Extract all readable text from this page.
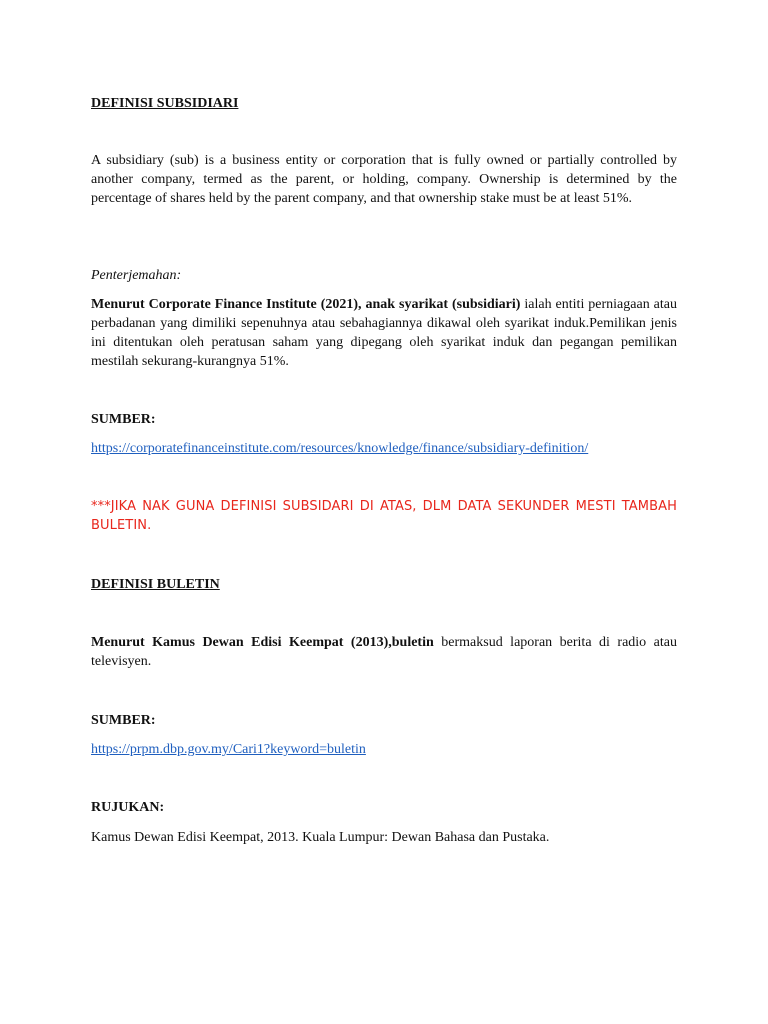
DEFINISI SUBSIDIARI

A subsidiary (sub) is a business entity or corporation that is fully owned or partially controlled by another company, termed as the parent, or holding, company. Ownership is determined by the percentage of shares held by the parent company, and that ownership stake must be at least 51%.

Penterjemahan:

Menurut Corporate Finance Institute (2021), anak syarikat (subsidiari) ialah entiti perniagaan atau perbadanan yang dimiliki sepenuhnya atau sebahagiannya dikawal oleh syarikat induk.Pemilikan jenis ini ditentukan oleh peratusan saham yang dipegang oleh syarikat induk dan pegangan pemilikan mestilah sekurang-kurangnya 51%.

SUMBER:
https://corporatefinanceinstitute.com/resources/knowledge/finance/subsidiary-definition/

***JIKA NAK GUNA DEFINISI SUBSIDARI DI ATAS, DLM DATA SEKUNDER MESTI TAMBAH BULETIN.

DEFINISI BULETIN

Menurut Kamus Dewan Edisi Keempat (2013),buletin bermaksud laporan berita di radio atau televisyen.

SUMBER:
https://prpm.dbp.gov.my/Cari1?keyword=buletin
RUJUKAN:
Kamus Dewan Edisi Keempat, 2013. Kuala Lumpur: Dewan Bahasa dan Pustaka.
